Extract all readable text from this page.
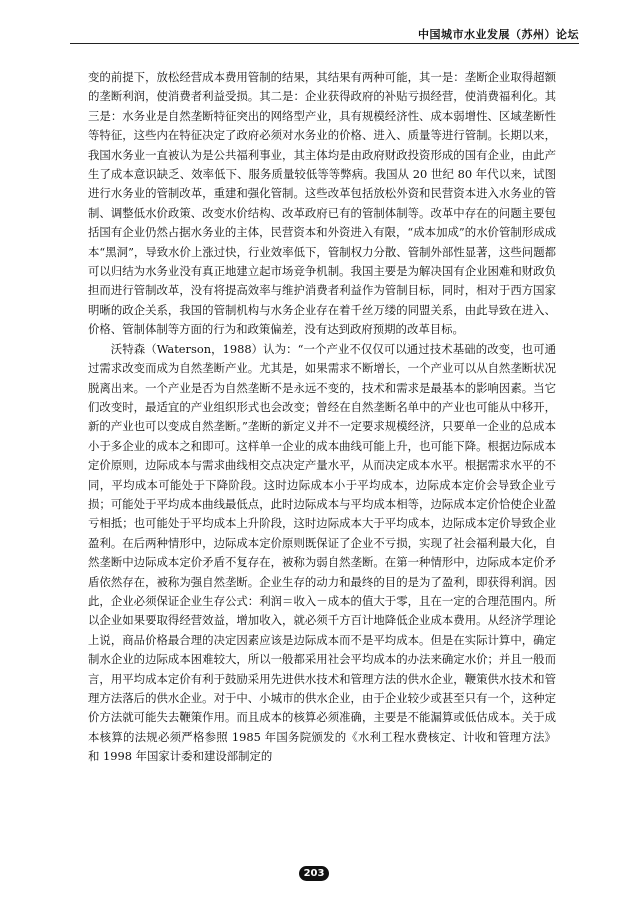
中国城市水业发展（苏州）论坛

变的前提下，放松经营成本费用管制的结果，其结果有两种可能，其一是：垄断企业取得超额的垄断利润，使消费者利益受损。其二是：企业获得政府的补贴亏损经营，使消费福利化。其三是：水务业是自然垄断特征突出的网络型产业，具有规模经济性、成本弱增性、区域垄断性等特征，这些内在特征决定了政府必须对水务业的价格、进入、质量等进行管制。长期以来，我国水务业一直被认为是公共福利事业，其主体均是由政府财政投资形成的国有企业，由此产生了成本意识缺乏、效率低下、服务质量较低等等弊病。我国从 20 世纪 80 年代以来，试图进行水务业的管制改革，重建和强化管制。这些改革包括放松外资和民营资本进入水务业的管制、调整低水价政策、改变水价结构、改革政府已有的管制体制等。改革中存在的问题主要包括国有企业仍然占据水务业的主体，民营资本和外资进入有限，“成本加成”的水价管制形成成本“黑洞”，导致水价上涨过快，行业效率低下，管制权力分散、管制外部性显著，这些问题都可以归结为水务业没有真正地建立起市场竞争机制。我国主要是为解决国有企业困难和财政负担而进行管制改革，没有将提高效率与维护消费者利益作为管制目标，同时，相对于西方国家明晰的政企关系，我国的管制机构与水务企业存在着千丝万缕的同盟关系，由此导致在进入、价格、管制体制等方面的行为和政策偏差，没有达到政府预期的改革目标。

沃特森（Waterson，1988）认为：“一个产业不仅仅可以通过技术基础的改变，也可通过需求改变而成为自然垄断产业。尤其是，如果需求不断增长，一个产业可以从自然垄断状况脱离出来。一个产业是否为自然垄断不是永远不变的，技术和需求是最基本的影响因素。当它们改变时，最适宜的产业组织形式也会改变；曾经在自然垄断名单中的产业也可能从中移开，新的产业也可以变成自然垄断。”垄断的新定义并不一定要求规模经济，只要单一企业的总成本小于多企业的成本之和即可。这样单一企业的成本曲线可能上升，也可能下降。根据边际成本定价原则，边际成本与需求曲线相交点决定产量水平，从而决定成本水平。根据需求水平的不同，平均成本可能处于下降阶段。这时边际成本小于平均成本，边际成本定价会导致企业亏损；可能处于平均成本曲线最低点，此时边际成本与平均成本相等，边际成本定价恰使企业盈亏相抵；也可能处于平均成本上升阶段，这时边际成本大于平均成本，边际成本定价导致企业盈利。在后两种情形中，边际成本定价原则既保证了企业不亏损，实现了社会福利最大化，自然垄断中边际成本定价矛盾不复存在，被称为弱自然垄断。在第一种情形中，边际成本定价矛盾依然存在，被称为强自然垄断。企业生存的动力和最终的目的是为了盈利，即获得利润。因此，企业必须保证企业生存公式：利润＝收入－成本的值大于零，且在一定的合理范围内。所以企业如果要取得经营效益，增加收入，就必须千方百计地降低企业成本费用。从经济学理论上说，商品价格最合理的决定因素应该是边际成本而不是平均成本。但是在实际计算中，确定制水企业的边际成本困难较大，所以一般都采用社会平均成本的办法来确定水价；并且一般而言，用平均成本定价有利于鼓励采用先进供水技术和管理方法的供水企业，鞭策供水技术和管理方法落后的供水企业。对于中、小城市的供水企业，由于企业较少或甚至只有一个，这种定价方法就可能失去鞭策作用。而且成本的核算必须准确，主要是不能漏算或低估成本。关于成本核算的法规必须严格参照 1985 年国务院颁发的《水利工程水费核定、计收和管理方法》和 1998 年国家计委和建设部制定的

203
